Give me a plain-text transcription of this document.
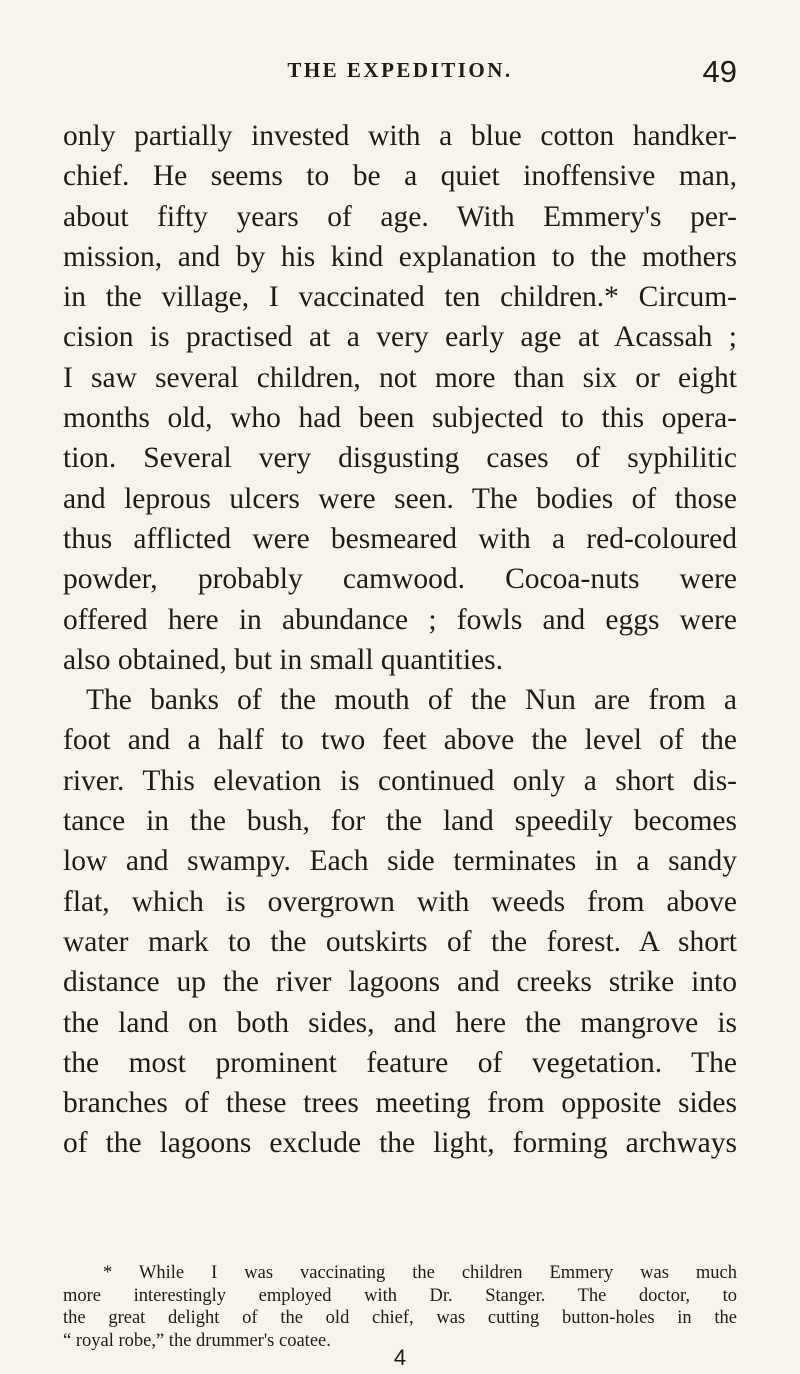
THE EXPEDITION.	49
only partially invested with a blue cotton handker-
chief. He seems to be a quiet inoffensive man,
about fifty years of age. With Emmery's per-
mission, and by his kind explanation to the mothers
in the village, I vaccinated ten children.* Circum-
cision is practised at a very early age at Acassah ;
I saw several children, not more than six or eight
months old, who had been subjected to this opera-
tion. Several very disgusting cases of syphilitic
and leprous ulcers were seen. The bodies of those
thus afflicted were besmeared with a red-coloured
powder, probably camwood. Cocoa-nuts were
offered here in abundance ; fowls and eggs were
also obtained, but in small quantities.
The banks of the mouth of the Nun are from a
foot and a half to two feet above the level of the
river. This elevation is continued only a short dis-
tance in the bush, for the land speedily becomes
low and swampy. Each side terminates in a sandy
flat, which is overgrown with weeds from above
water mark to the outskirts of the forest. A short
distance up the river lagoons and creeks strike into
the land on both sides, and here the mangrove is
the most prominent feature of vegetation. The
branches of these trees meeting from opposite sides
of the lagoons exclude the light, forming archways
* While I was vaccinating the children Emmery was much
more interestingly employed with Dr. Stanger. The doctor, to
the great delight of the old chief, was cutting button-holes in the
“ royal robe,” the drummer's coatee.
4
